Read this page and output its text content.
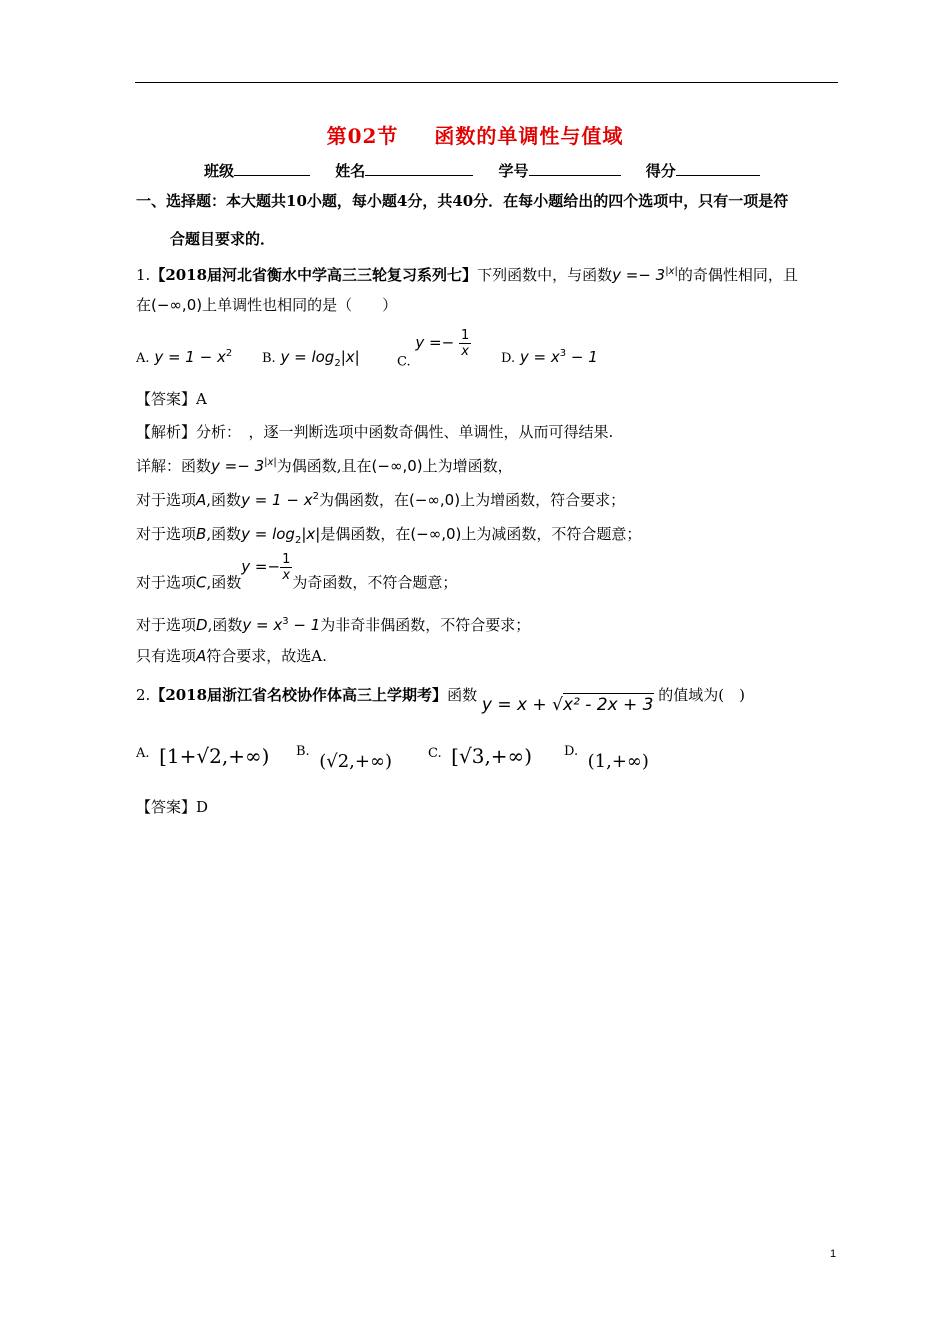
第02节 函数的单调性与值域
班级	姓名	学号	得分
一、选择题：本大题共10小题，每小题4分，共40分．在每小题给出的四个选项中，只有一项是符
合题目要求的．
1.【2018届河北省衡水中学高三三轮复习系列七】下列函数中，与函数$y =- 3^{|x|}$的奇偶性相同，且
在(−∞,0)上单调性也相同的是（　　）
A. $y = 1 - x^2$ B. $y = \log_2|x|$	C. $y =- \frac{1}{x} D$. $y = x^3 - 1$
【答案】A
【解析】分析：　，逐一判断选项中函数奇偶性、单调性，从而可得结果.
详解：函数$y =- 3^{|x|}$为偶函数,且在(−∞,0)上为增函数，
对于选项A,函数$y = 1 - x^2$为偶函数，在(−∞,0)上为增函数，符合要求；
对于选项B,函数$y = \log_2|x|$是偶函数，在(−∞,0)上为减函数，不符合题意；
对于选项C,函数$y =- \frac{1}{x}$ 为奇函数，不符合题意；
对于选项D,函数$y = x^3 - 1$为非奇非偶函数，不符合要求；
只有选项A符合要求，故选A.
2.【2018届浙江省名校协作体高三上学期考】函数 y = x + √x² - 2x + 3 的值域为(　)
A. [1+√2,+∞) B. (√2,+∞)	C. [√3,+∞) D. (1,+∞)
【答案】D
1
